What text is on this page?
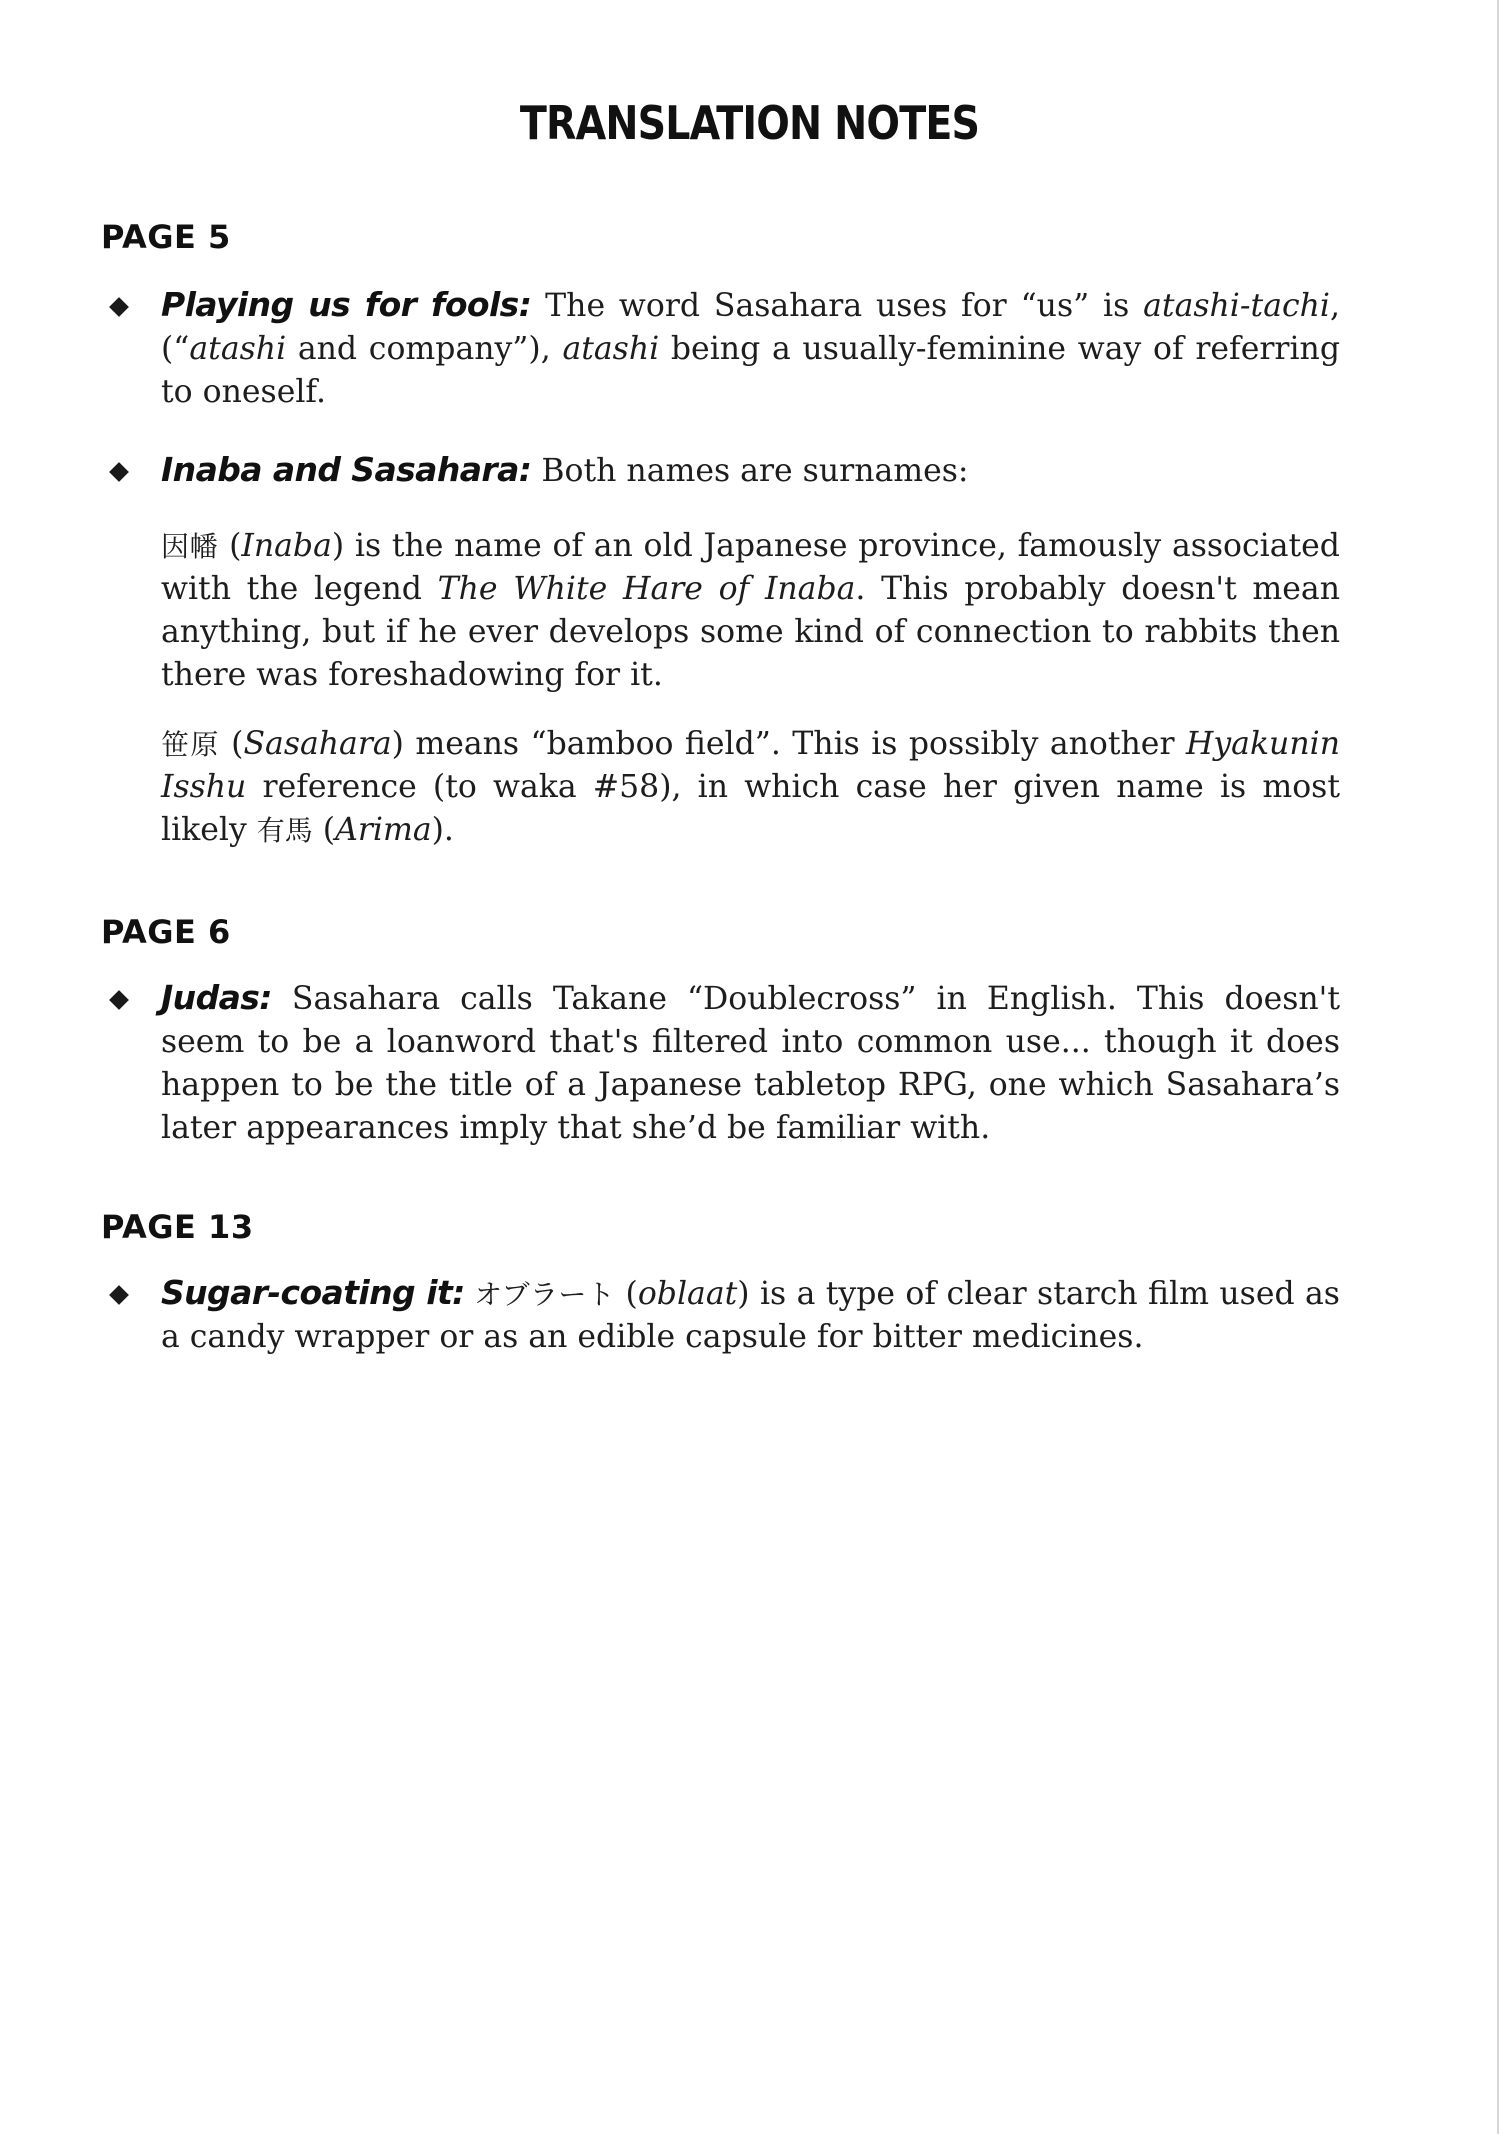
TRANSLATION NOTES
PAGE 5
Playing us for fools: The word Sasahara uses for “us” is atashi-tachi, (“atashi and company”), atashi being a usually-feminine way of referring to oneself.
Inaba and Sasahara: Both names are surnames:
因幡 (Inaba) is the name of an old Japanese province, famously associated with the legend The White Hare of Inaba. This probably doesn't mean anything, but if he ever develops some kind of connection to rabbits then there was foreshadowing for it.
笹原 (Sasahara) means “bamboo field”. This is possibly another Hyakunin Isshu reference (to waka #58), in which case her given name is most likely 有馬 (Arima).
PAGE 6
Judas: Sasahara calls Takane “Doublecross” in English. This doesn't seem to be a loanword that's filtered into common use... though it does happen to be the title of a Japanese tabletop RPG, one which Sasahara’s later appearances imply that she’d be familiar with.
PAGE 13
Sugar-coating it: オブラート (oblaat) is a type of clear starch film used as a candy wrapper or as an edible capsule for bitter medicines.
